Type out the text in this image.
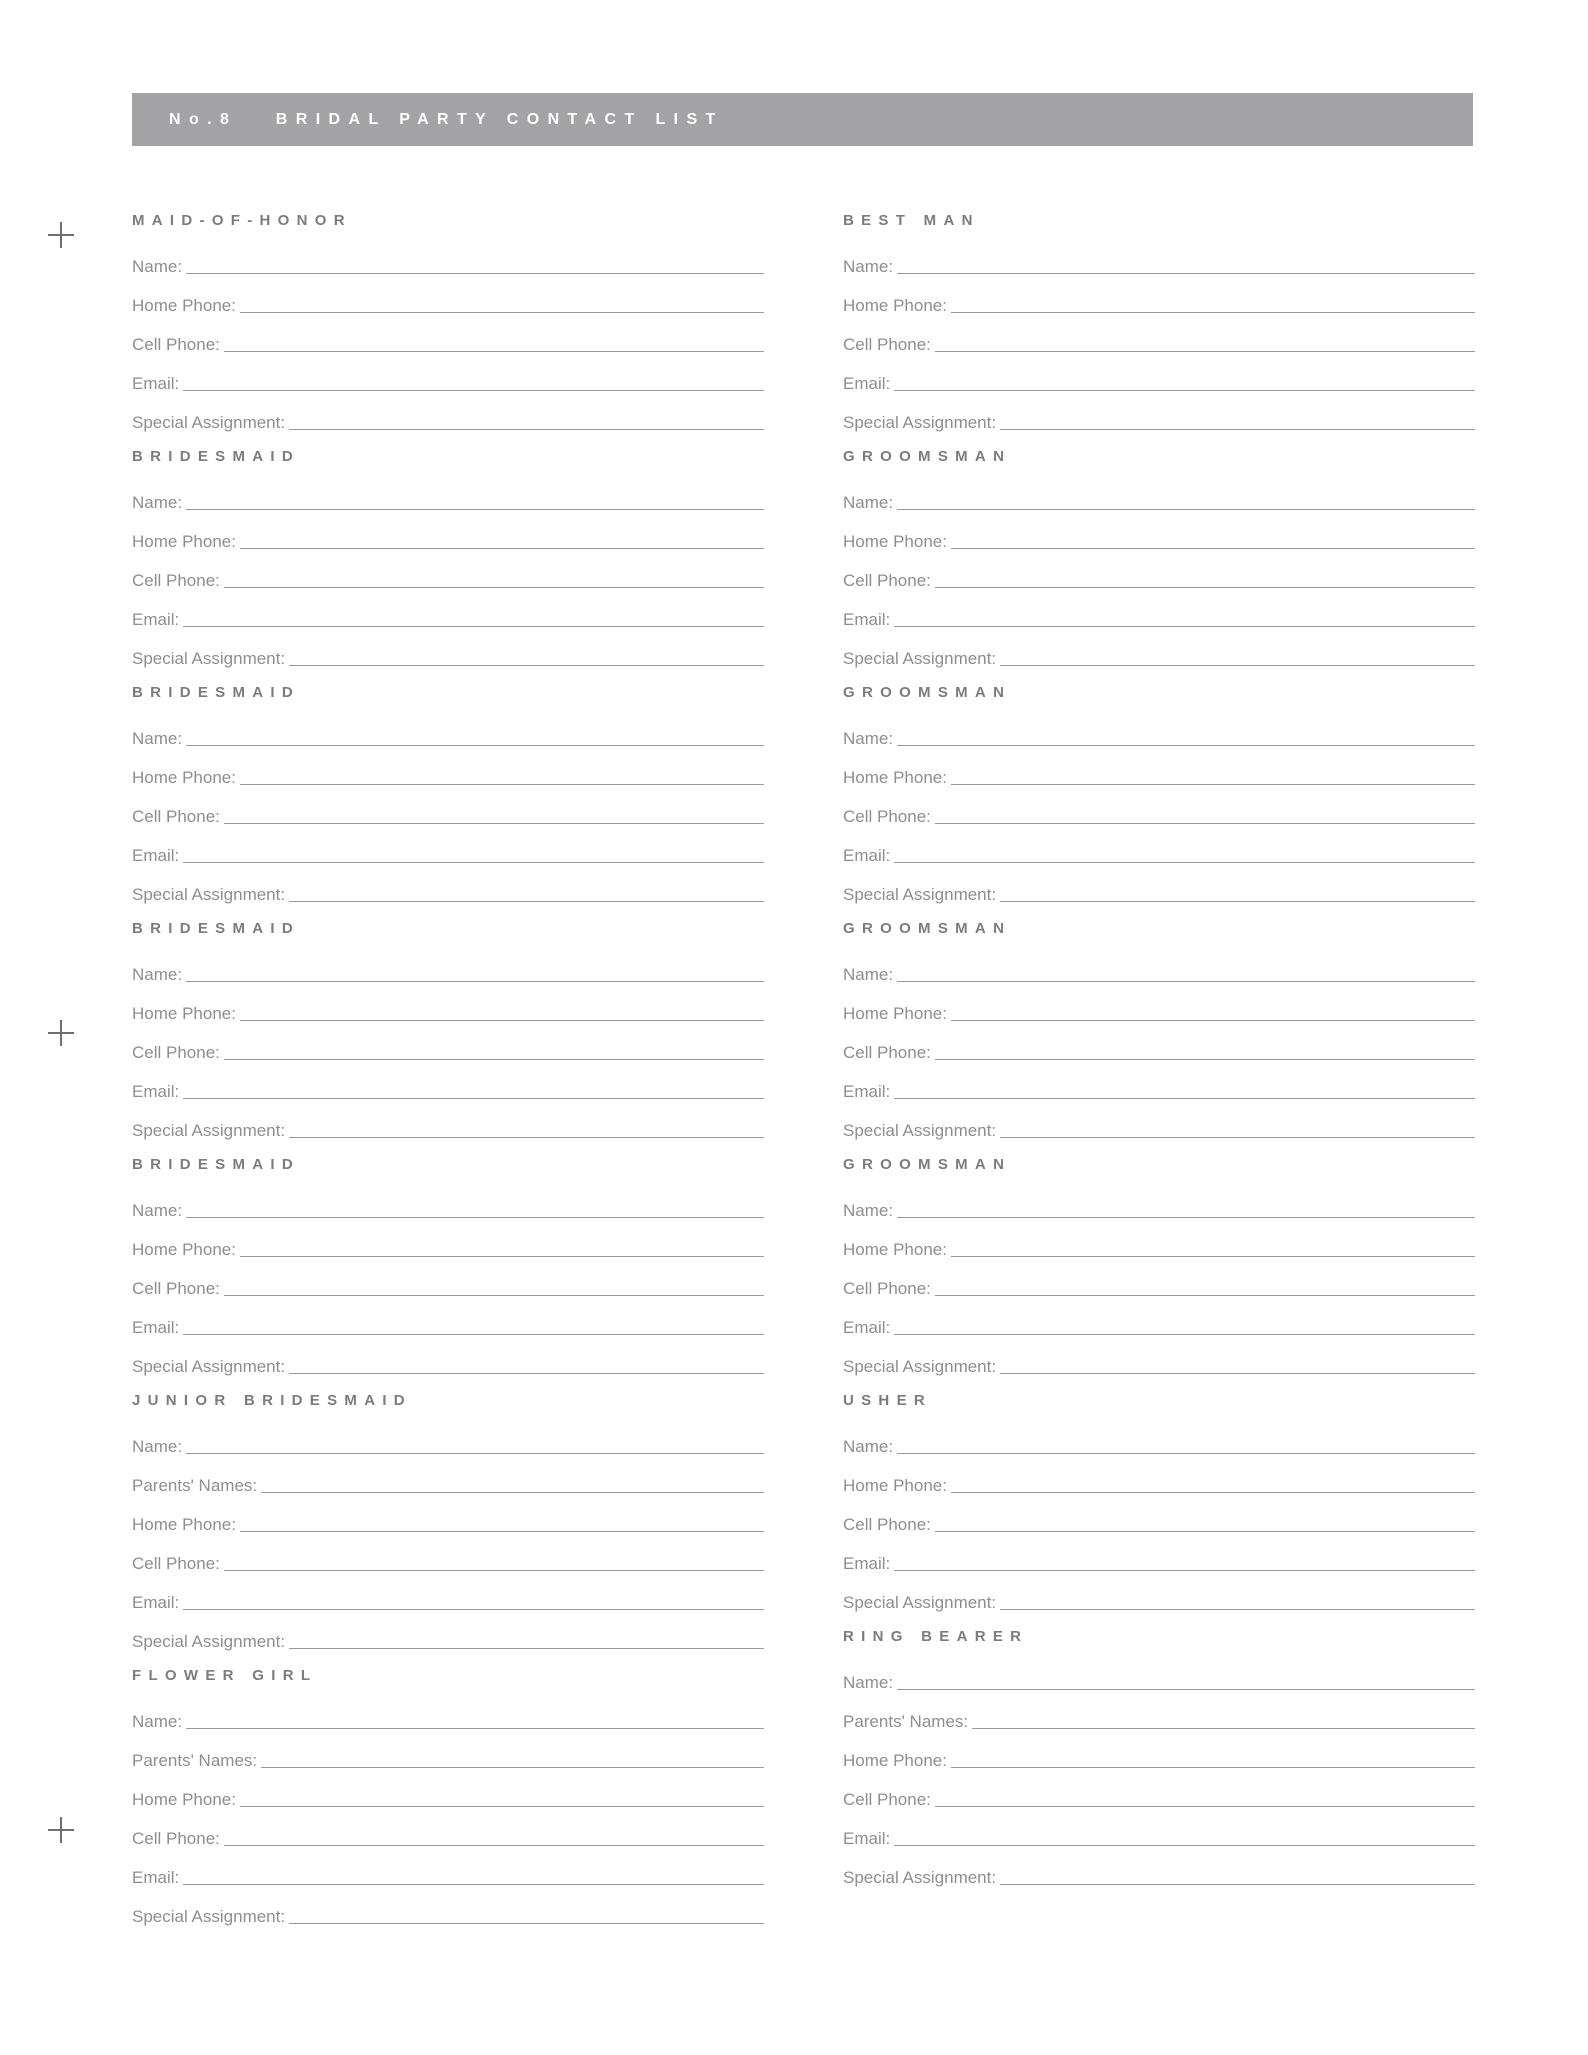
No.8   BRIDAL PARTY CONTACT LIST
MAID-OF-HONOR
Name:
Home Phone:
Cell Phone:
Email:
Special Assignment:
BRIDESMAID
Name:
Home Phone:
Cell Phone:
Email:
Special Assignment:
BRIDESMAID
Name:
Home Phone:
Cell Phone:
Email:
Special Assignment:
BRIDESMAID
Name:
Home Phone:
Cell Phone:
Email:
Special Assignment:
BRIDESMAID
Name:
Home Phone:
Cell Phone:
Email:
Special Assignment:
JUNIOR BRIDESMAID
Name:
Parents' Names:
Home Phone:
Cell Phone:
Email:
Special Assignment:
FLOWER GIRL
Name:
Parents' Names:
Home Phone:
Cell Phone:
Email:
Special Assignment:
BEST MAN
Name:
Home Phone:
Cell Phone:
Email:
Special Assignment:
GROOMSMAN
Name:
Home Phone:
Cell Phone:
Email:
Special Assignment:
GROOMSMAN
Name:
Home Phone:
Cell Phone:
Email:
Special Assignment:
GROOMSMAN
Name:
Home Phone:
Cell Phone:
Email:
Special Assignment:
GROOMSMAN
Name:
Home Phone:
Cell Phone:
Email:
Special Assignment:
USHER
Name:
Home Phone:
Cell Phone:
Email:
Special Assignment:
RING BEARER
Name:
Parents' Names:
Home Phone:
Cell Phone:
Email:
Special Assignment:
